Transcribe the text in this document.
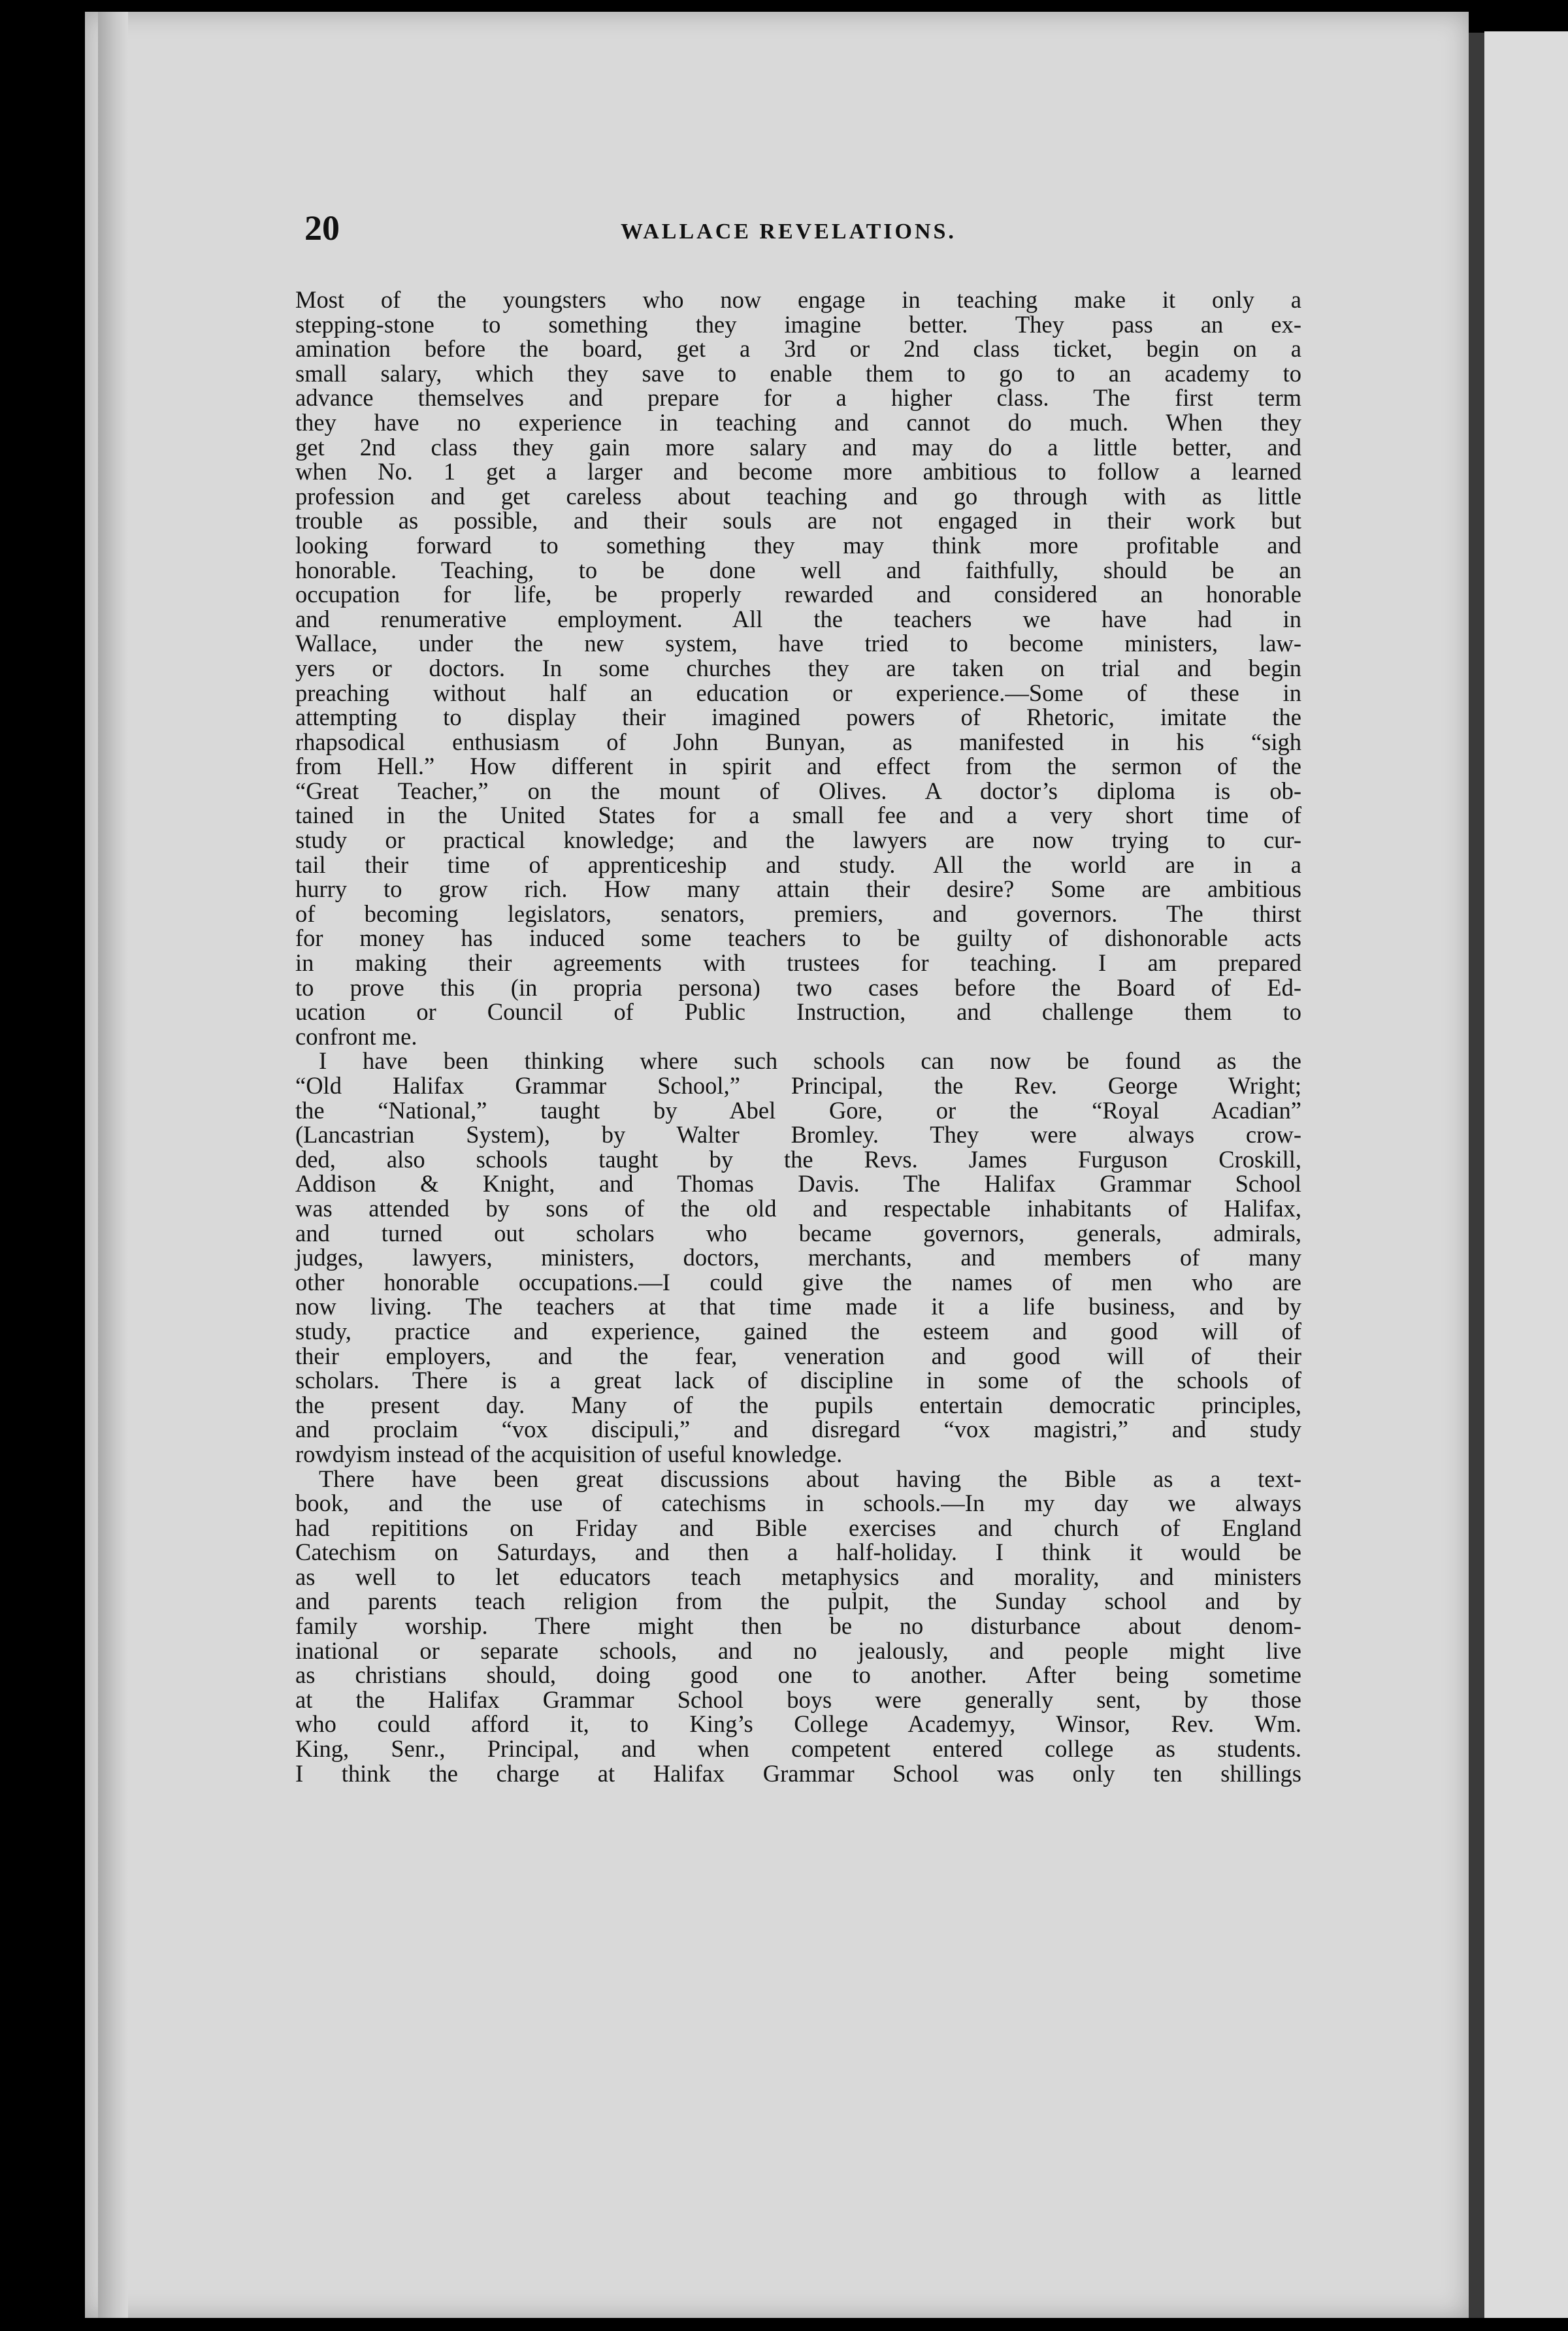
20	WALLACE REVELATIONS.
Most of the youngsters who now engage in teaching make it only a
stepping-stone to something they imagine better. They pass an ex-
amination before the board, get a 3rd or 2nd class ticket, begin on a
small salary, which they save to enable them to go to an academy to
advance themselves and prepare for a higher class. The first term
they have no experience in teaching and cannot do much. When they
get 2nd class they gain more salary and may do a little better, and
when No. 1 get a larger and become more ambitious to follow a learned
profession and get careless about teaching and go through with as little
trouble as possible, and their souls are not engaged in their work but
looking forward to something they may think more profitable and
honorable. Teaching, to be done well and faithfully, should be an
occupation for life, be properly rewarded and considered an honorable
and renumerative employment. All the teachers we have had in
Wallace, under the new system, have tried to become ministers, law-
yers or doctors. In some churches they are taken on trial and begin
preaching without half an education or experience.—Some of these in
attempting to display their imagined powers of Rhetoric, imitate the
rhapsodical enthusiasm of John Bunyan, as manifested in his “sigh
from Hell.” How different in spirit and effect from the sermon of the
“Great Teacher,” on the mount of Olives. A doctor’s diploma is ob-
tained in the United States for a small fee and a very short time of
study or practical knowledge; and the lawyers are now trying to cur-
tail their time of apprenticeship and study. All the world are in a
hurry to grow rich. How many attain their desire? Some are ambitious
of becoming legislators, senators, premiers, and governors. The thirst
for money has induced some teachers to be guilty of dishonorable acts
in making their agreements with trustees for teaching. I am prepared
to prove this (in propria persona) two cases before the Board of Ed-
ucation or Council of Public Instruction, and challenge them to
confront me.
I have been thinking where such schools can now be found as the
“Old Halifax Grammar School,” Principal, the Rev. George Wright;
the “National,” taught by Abel Gore, or the “Royal Acadian”
(Lancastrian System), by Walter Bromley. They were always crow-
ded, also schools taught by the Revs. James Furguson Croskill,
Addison & Knight, and Thomas Davis. The Halifax Grammar School
was attended by sons of the old and respectable inhabitants of Halifax,
and turned out scholars who became governors, generals, admirals,
judges, lawyers, ministers, doctors, merchants, and members of many
other honorable occupations.—I could give the names of men who are
now living. The teachers at that time made it a life business, and by
study, practice and experience, gained the esteem and good will of
their employers, and the fear, veneration and good will of their
scholars. There is a great lack of discipline in some of the schools of
the present day. Many of the pupils entertain democratic principles,
and proclaim “vox discipuli,” and disregard “vox magistri,” and study
rowdyism instead of the acquisition of useful knowledge.
There have been great discussions about having the Bible as a text-
book, and the use of catechisms in schools.—In my day we always
had repititions on Friday and Bible exercises and church of England
Catechism on Saturdays, and then a half-holiday. I think it would be
as well to let educators teach metaphysics and morality, and ministers
and parents teach religion from the pulpit, the Sunday school and by
family worship. There might then be no disturbance about denom-
inational or separate schools, and no jealously, and people might live
as christians should, doing good one to another. After being sometime
at the Halifax Grammar School boys were generally sent, by those
who could afford it, to King’s College Academyy, Winsor, Rev. Wm.
King, Senr., Principal, and when competent entered college as students.
I think the charge at Halifax Grammar School was only ten shillings
